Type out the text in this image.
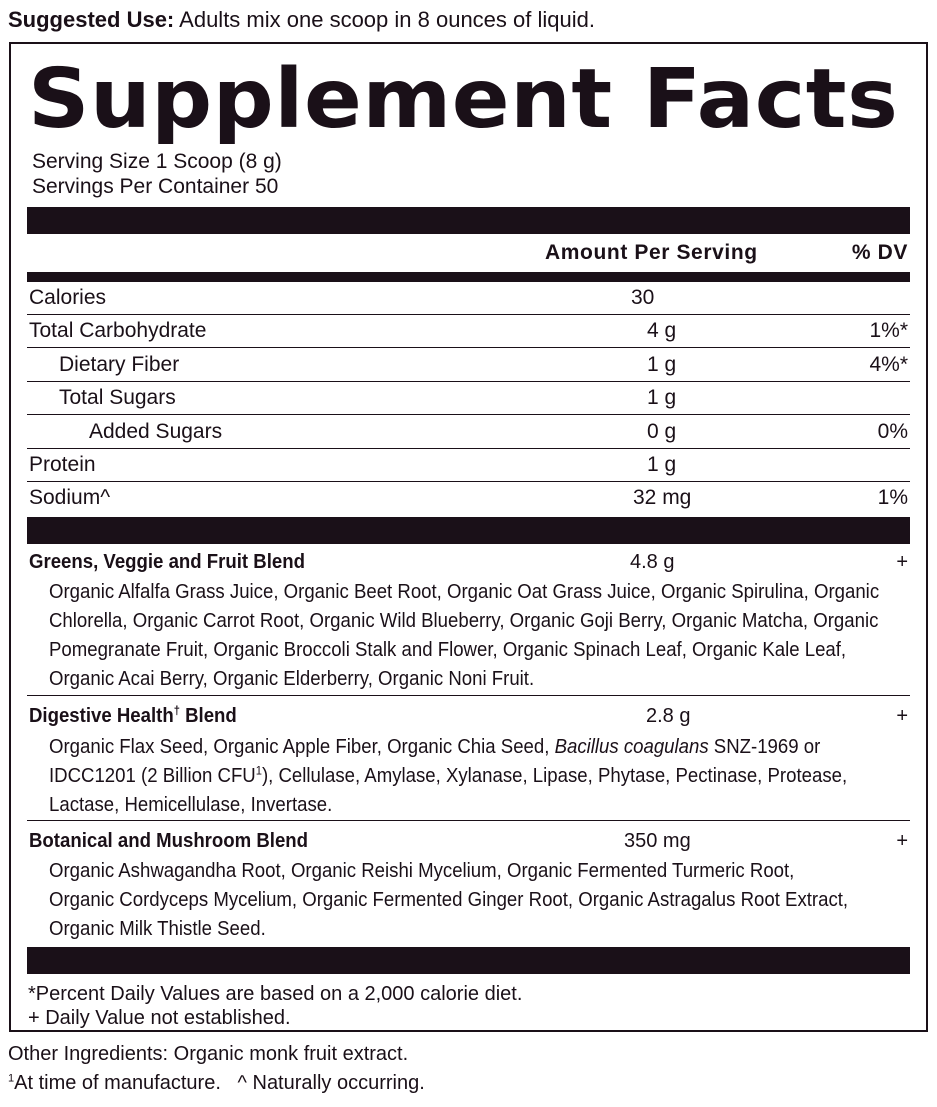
Suggested Use: Adults mix one scoop in 8 ounces of liquid.
Supplement Facts
Serving Size 1 Scoop (8 g)
Servings Per Container 50
Amount Per Serving	% DV
Calories	30
Total Carbohydrate	4 g	1%*
Dietary Fiber	1 g	4%*
Total Sugars	1 g
Added Sugars	0 g	0%
Protein	1 g
Sodium^	32 mg	1%
Greens, Veggie and Fruit Blend	4.8 g	+
Organic Alfalfa Grass Juice, Organic Beet Root, Organic Oat Grass Juice, Organic Spirulina, Organic
Chlorella, Organic Carrot Root, Organic Wild Blueberry, Organic Goji Berry, Organic Matcha, Organic
Pomegranate Fruit, Organic Broccoli Stalk and Flower, Organic Spinach Leaf, Organic Kale Leaf,
Organic Acai Berry, Organic Elderberry, Organic Noni Fruit.
Digestive Health† Blend	2.8 g	+
Organic Flax Seed, Organic Apple Fiber, Organic Chia Seed, Bacillus coagulans SNZ-1969 or
IDCC1201 (2 Billion CFU$^1$), Cellulase, Amylase, Xylanase, Lipase, Phytase, Pectinase, Protease,
Lactase, Hemicellulase, Invertase.
Botanical and Mushroom Blend	350 mg	+
Organic Ashwagandha Root, Organic Reishi Mycelium, Organic Fermented Turmeric Root,
Organic Cordyceps Mycelium, Organic Fermented Ginger Root, Organic Astragalus Root Extract,
Organic Milk Thistle Seed.
*Percent Daily Values are based on a 2,000 calorie diet.
+ Daily Value not established.
Other Ingredients: Organic monk fruit extract.
$^1$At time of manufacture.   ^ Naturally occurring.
